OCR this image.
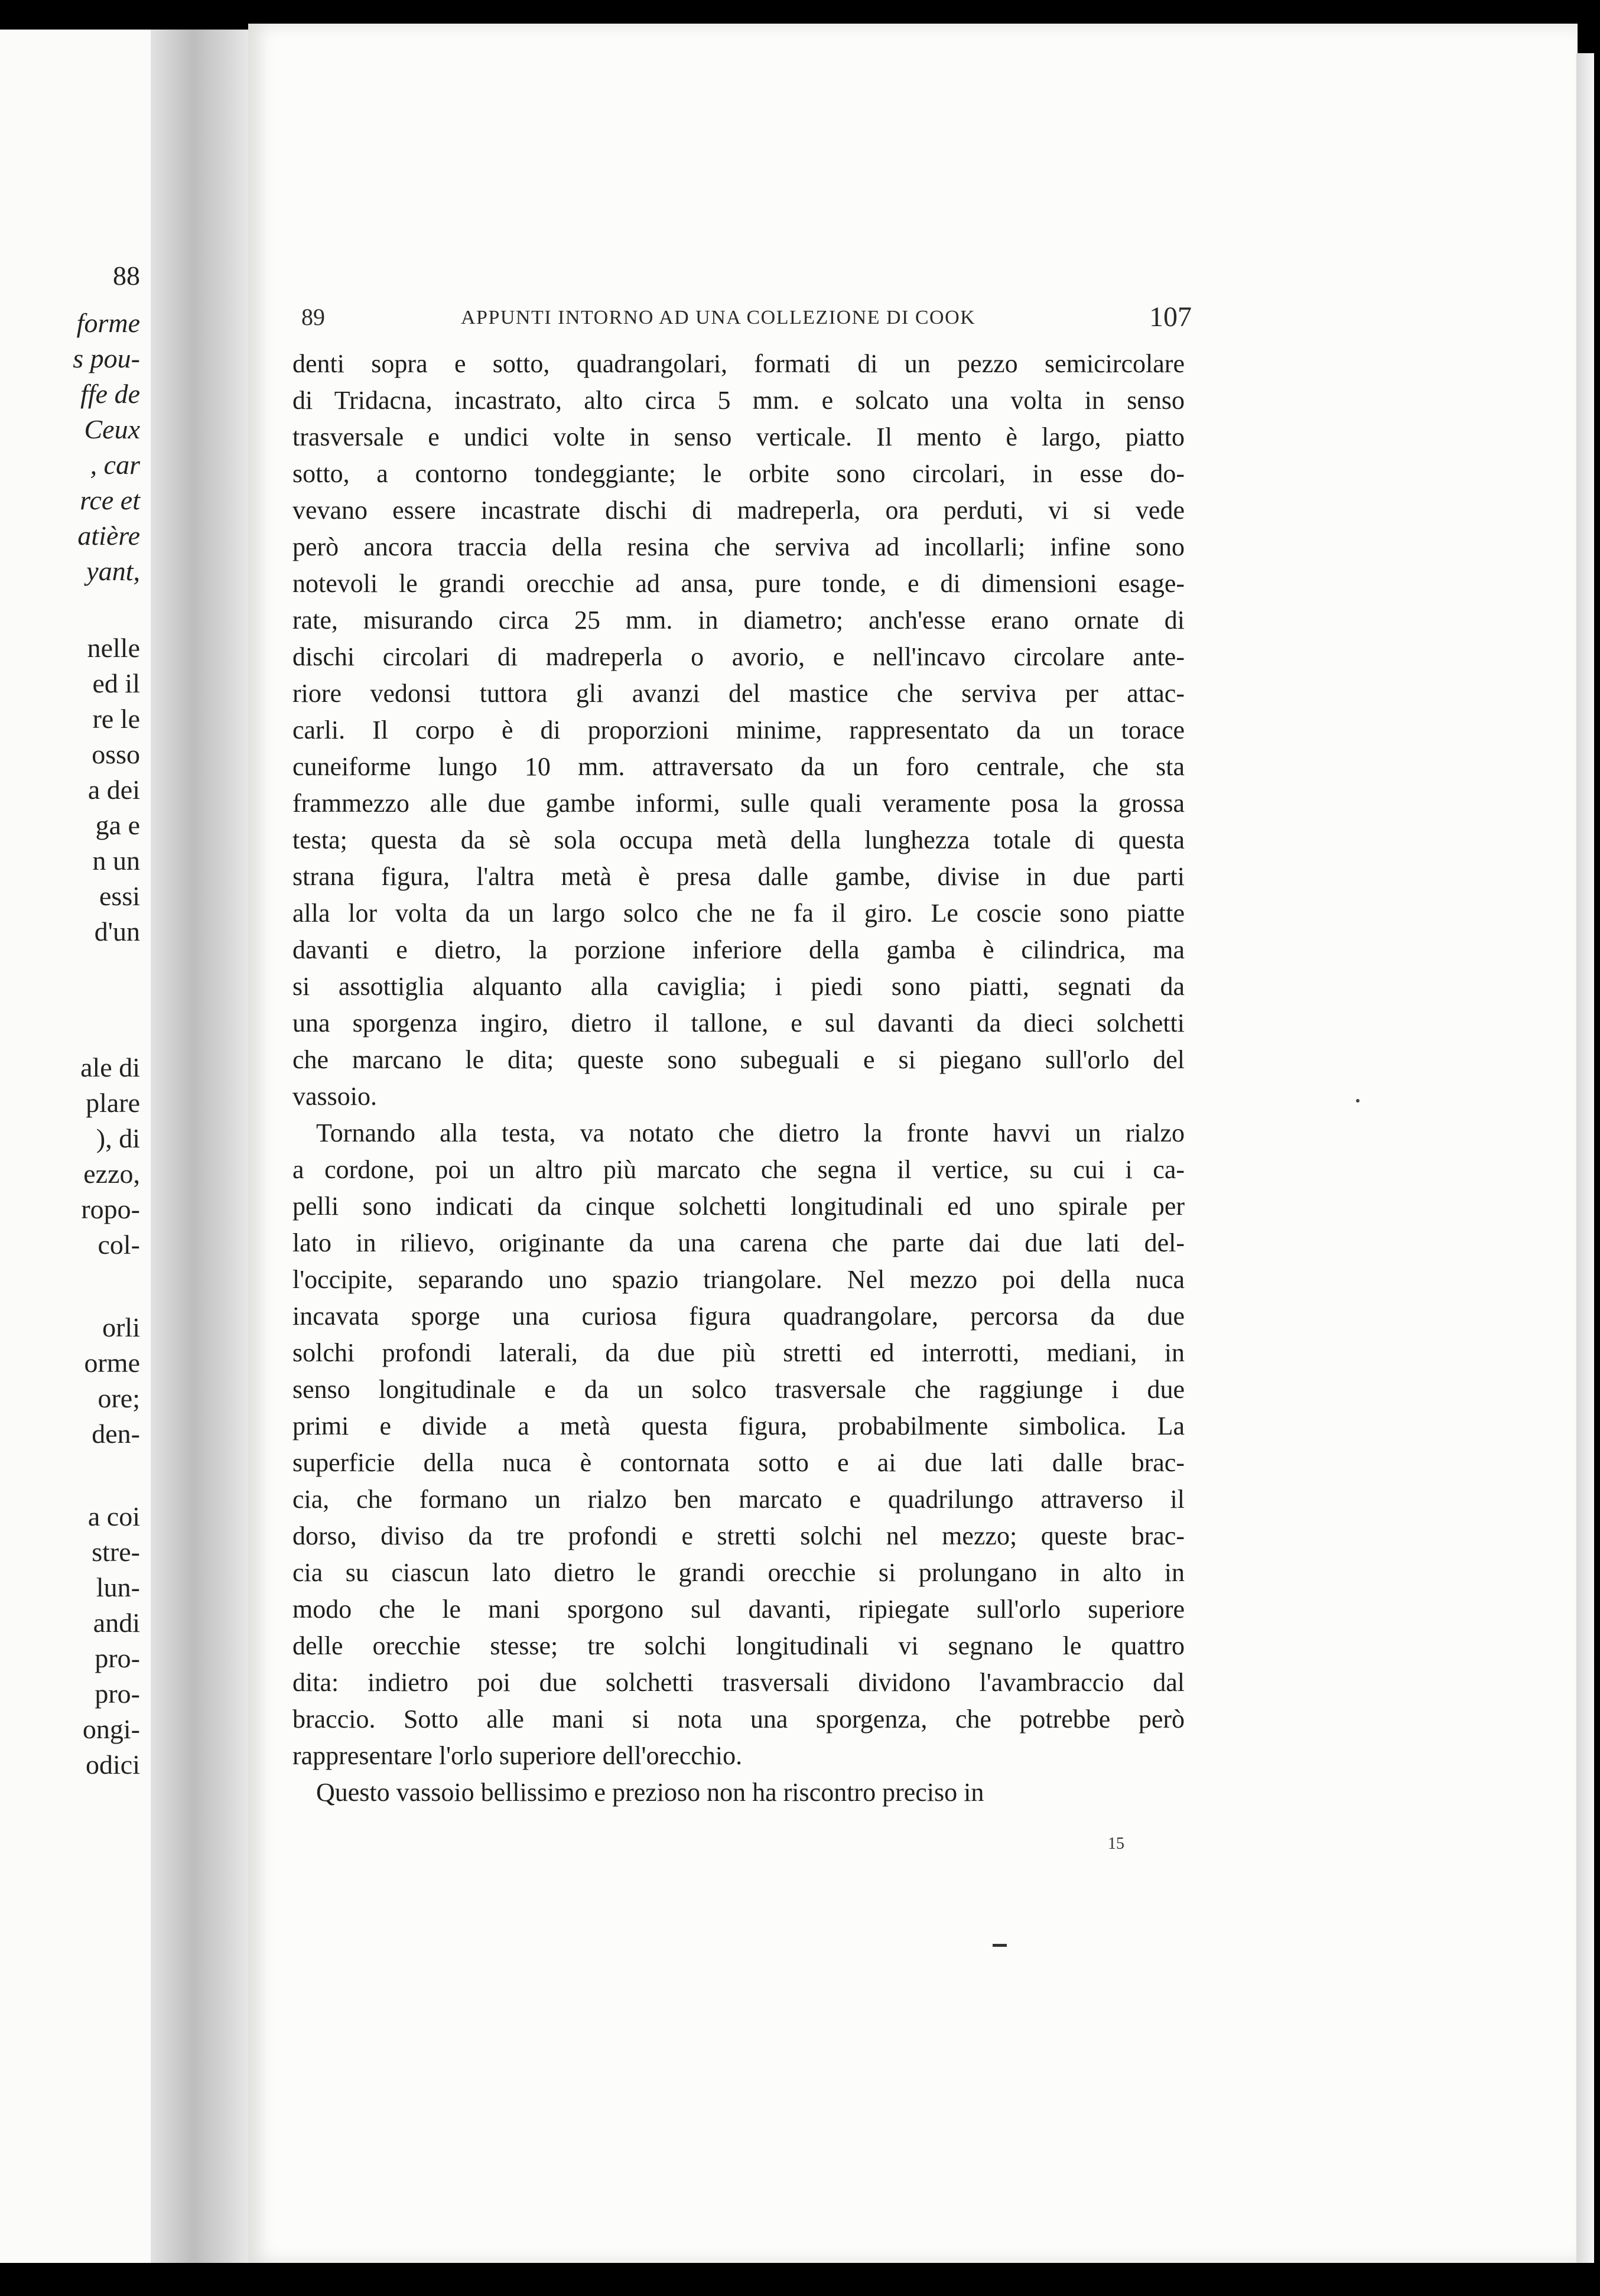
88
forme
s pou-
ffe de
Ceux
, car
rce et
atière
yant,
nelle
ed il
re le
osso
a dei
ga e
n un
essi
d'un
ale di
plare
), di
ezzo,
ropo-
col-
orli
orme
ore;
den-
a coi
stre-
lun-
andi
pro-
pro-
ongi-
odici
89	APPUNTI INTORNO AD UNA COLLEZIONE DI COOK	107
denti sopra e sotto, quadrangolari, formati di un pezzo semicircolare
di Tridacna, incastrato, alto circa 5 mm. e solcato una volta in senso
trasversale e undici volte in senso verticale. Il mento è largo, piatto
sotto, a contorno tondeggiante; le orbite sono circolari, in esse do-
vevano essere incastrate dischi di madreperla, ora perduti, vi si vede
però ancora traccia della resina che serviva ad incollarli; infine sono
notevoli le grandi orecchie ad ansa, pure tonde, e di dimensioni esage-
rate, misurando circa 25 mm. in diametro; anch'esse erano ornate di
dischi circolari di madreperla o avorio, e nell'incavo circolare ante-
riore vedonsi tuttora gli avanzi del mastice che serviva per attac-
carli. Il corpo è di proporzioni minime, rappresentato da un torace
cuneiforme lungo 10 mm. attraversato da un foro centrale, che sta
frammezzo alle due gambe informi, sulle quali veramente posa la grossa
testa; questa da sè sola occupa metà della lunghezza totale di questa
strana figura, l'altra metà è presa dalle gambe, divise in due parti
alla lor volta da un largo solco che ne fa il giro. Le coscie sono piatte
davanti e dietro, la porzione inferiore della gamba è cilindrica, ma
si assottiglia alquanto alla caviglia; i piedi sono piatti, segnati da
una sporgenza ingiro, dietro il tallone, e sul davanti da dieci solchetti
che marcano le dita; queste sono subeguali e si piegano sull'orlo del
vassoio.
Tornando alla testa, va notato che dietro la fronte havvi un rialzo
a cordone, poi un altro più marcato che segna il vertice, su cui i ca-
pelli sono indicati da cinque solchetti longitudinali ed uno spirale per
lato in rilievo, originante da una carena che parte dai due lati del-
l'occipite, separando uno spazio triangolare. Nel mezzo poi della nuca
incavata sporge una curiosa figura quadrangolare, percorsa da due
solchi profondi laterali, da due più stretti ed interrotti, mediani, in
senso longitudinale e da un solco trasversale che raggiunge i due
primi e divide a metà questa figura, probabilmente simbolica. La
superficie della nuca è contornata sotto e ai due lati dalle brac-
cia, che formano un rialzo ben marcato e quadrilungo attraverso il
dorso, diviso da tre profondi e stretti solchi nel mezzo; queste brac-
cia su ciascun lato dietro le grandi orecchie si prolungano in alto in
modo che le mani sporgono sul davanti, ripiegate sull'orlo superiore
delle orecchie stesse; tre solchi longitudinali vi segnano le quattro
dita: indietro poi due solchetti trasversali dividono l'avambraccio dal
braccio. Sotto alle mani si nota una sporgenza, che potrebbe però
rappresentare l'orlo superiore dell'orecchio.
Questo vassoio bellissimo e prezioso non ha riscontro preciso in
15
